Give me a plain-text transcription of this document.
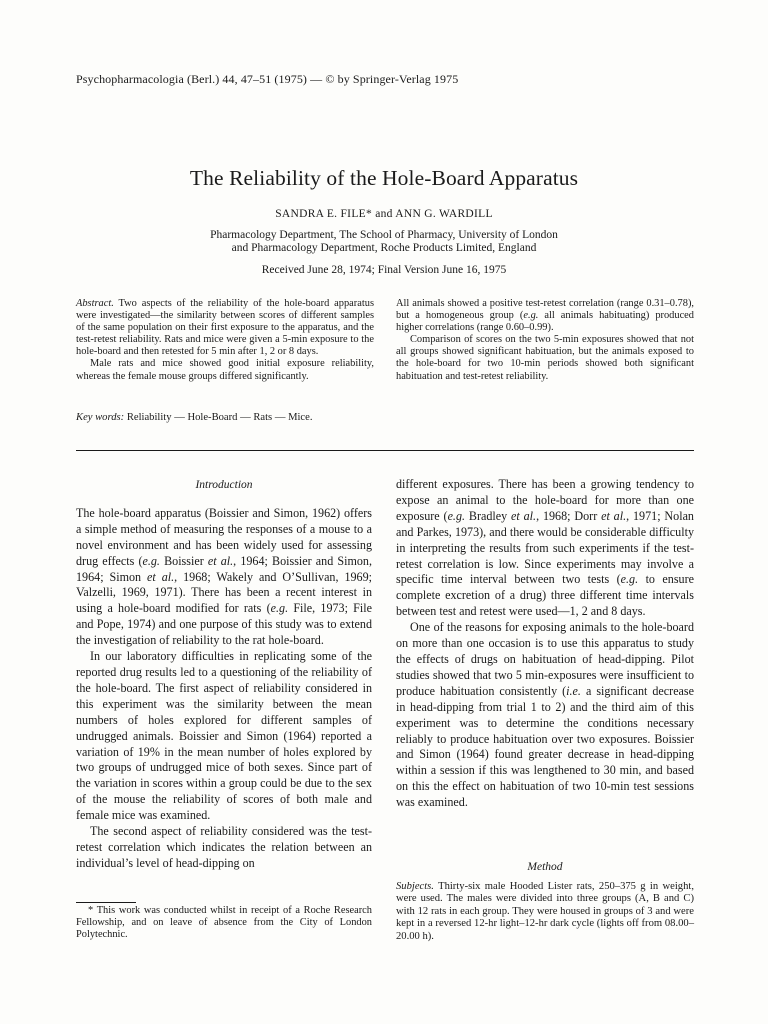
Psychopharmacologia (Berl.) 44, 47–51 (1975) — © by Springer-Verlag 1975
The Reliability of the Hole-Board Apparatus
SANDRA E. FILE* and ANN G. WARDILL
Pharmacology Department, The School of Pharmacy, University of London
and Pharmacology Department, Roche Products Limited, England
Received June 28, 1974; Final Version June 16, 1975

Abstract. Two aspects of the reliability of the hole-board apparatus were investigated—the similarity between scores of different samples of the same population on their first exposure to the apparatus, and the test-retest reliability. Rats and mice were given a 5-min exposure to the hole-board and then retested for 5 min after 1, 2 or 8 days.

Male rats and mice showed good initial exposure reliability, whereas the female mouse groups differed significantly.

All animals showed a positive test-retest correlation (range 0.31–0.78), but a homogeneous group (e.g. all animals habituating) produced higher correlations (range 0.60–0.99).

Comparison of scores on the two 5-min exposures showed that not all groups showed significant habituation, but the animals exposed to the hole-board for two 10-min periods showed both significant habituation and test-retest reliability.

Key words: Reliability — Hole-Board — Rats — Mice.
Introduction

The hole-board apparatus (Boissier and Simon, 1962) offers a simple method of measuring the responses of a mouse to a novel environment and has been widely used for assessing drug effects (e.g. Boissier et al., 1964; Boissier and Simon, 1964; Simon et al., 1968; Wakely and O’Sullivan, 1969; Valzelli, 1969, 1971). There has been a recent interest in using a hole-board modified for rats (e.g. File, 1973; File and Pope, 1974) and one purpose of this study was to extend the investigation of reliability to the rat hole-board.

In our laboratory difficulties in replicating some of the reported drug results led to a questioning of the reliability of the hole-board. The first aspect of reliability considered in this experiment was the similarity between the mean numbers of holes explored for different samples of undrugged animals. Boissier and Simon (1964) reported a variation of 19% in the mean number of holes explored by two groups of undrugged mice of both sexes. Since part of the variation in scores within a group could be due to the sex of the mouse the reliability of scores of both male and female mice was examined.

The second aspect of reliability considered was the test-retest correlation which indicates the relation between an individual’s level of head-dipping on

* This work was conducted whilst in receipt of a Roche Research Fellowship, and on leave of absence from the City of London Polytechnic.

different exposures. There has been a growing tendency to expose an animal to the hole-board for more than one exposure (e.g. Bradley et al., 1968; Dorr et al., 1971; Nolan and Parkes, 1973), and there would be considerable difficulty in interpreting the results from such experiments if the test-retest correlation is low. Since experiments may involve a specific time interval between two tests (e.g. to ensure complete excretion of a drug) three different time intervals between test and retest were used—1, 2 and 8 days.

One of the reasons for exposing animals to the hole-board on more than one occasion is to use this apparatus to study the effects of drugs on habituation of head-dipping. Pilot studies showed that two 5 min-exposures were insufficient to produce habituation consistently (i.e. a significant decrease in head-dipping from trial 1 to 2) and the third aim of this experiment was to determine the conditions necessary reliably to produce habituation over two exposures. Boissier and Simon (1964) found greater decrease in head-dipping within a session if this was lengthened to 30 min, and based on this the effect on habituation of two 10-min test sessions was examined.

Method

Subjects. Thirty-six male Hooded Lister rats, 250–375 g in weight, were used. The males were divided into three groups (A, B and C) with 12 rats in each group. They were housed in groups of 3 and were kept in a reversed 12-hr light–12-hr dark cycle (lights off from 08.00–20.00 h).
